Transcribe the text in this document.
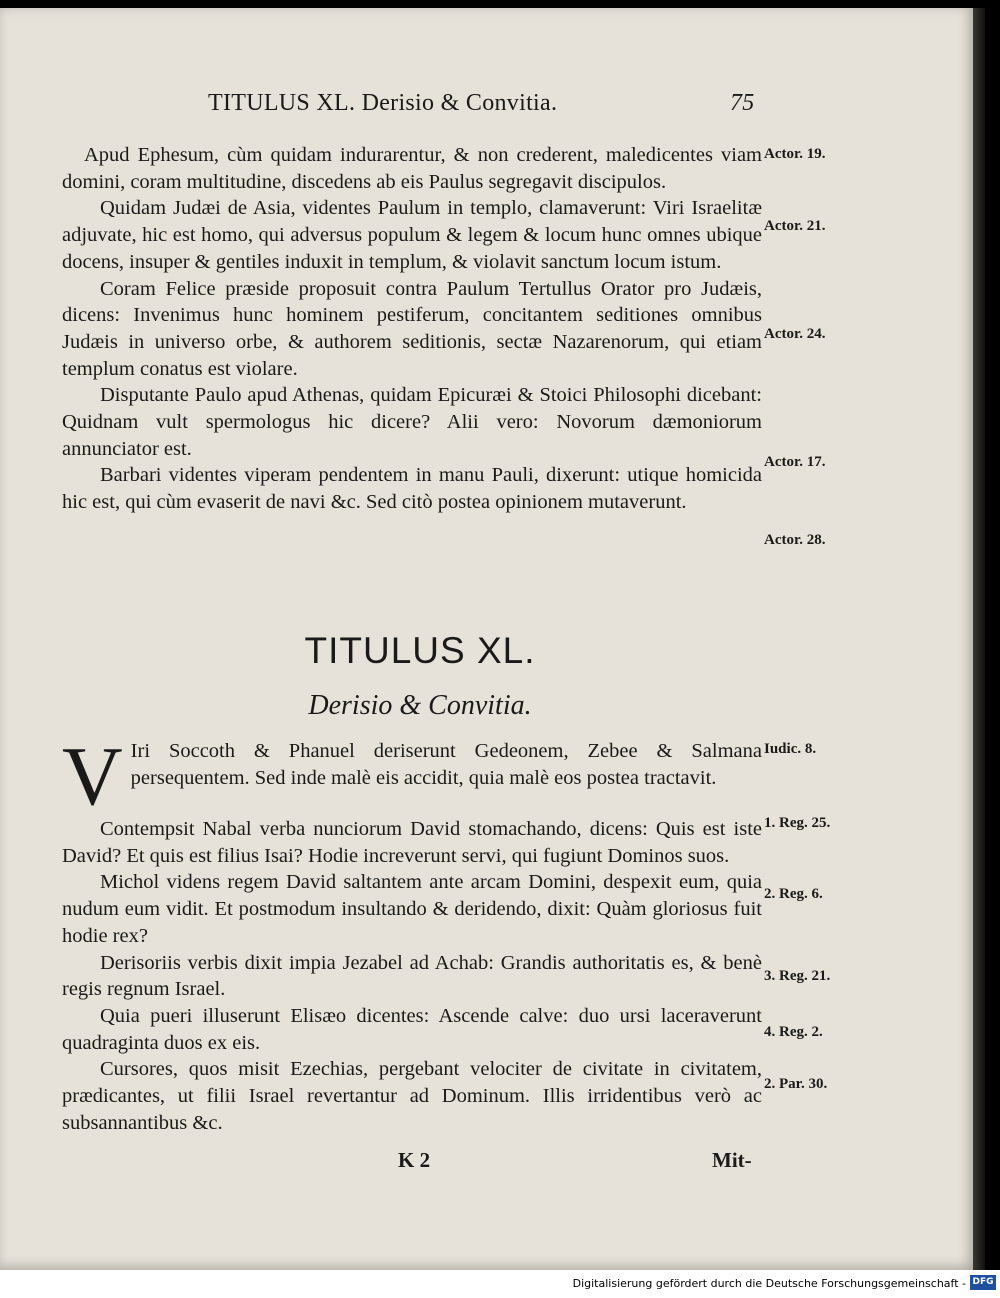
TITULUS XL. Derisio & Convitia.	75

Apud Ephesum, cùm quidam indurarentur, & non crederent, maledicentes viam domini, coram multitudine, discedens ab eis Paulus segregavit discipulos.

Quidam Judæi de Asia, videntes Paulum in templo, clamaverunt: Viri Israelitæ adjuvate, hic est homo, qui adversus populum & legem & locum hunc omnes ubique docens, insuper & gentiles induxit in templum, & violavit sanctum locum istum.

Coram Felice præside proposuit contra Paulum Tertullus Orator pro Judæis, dicens: Invenimus hunc hominem pestiferum, concitantem seditiones omnibus Judæis in universo orbe, & authorem seditionis, sectæ Nazarenorum, qui etiam templum conatus est violare.

Disputante Paulo apud Athenas, quidam Epicuræi & Stoici Philosophi dicebant: Quidnam vult spermologus hic dicere? Alii vero: Novorum dæmoniorum annunciator est.

Barbari videntes viperam pendentem in manu Pauli, dixerunt: utique homicida hic est, qui cùm evaserit de navi &c. Sed citò postea opinionem mutaverunt.

Actor. 19.
Actor. 21.
Actor. 24.
Actor. 17.
Actor. 28.
TITULUS XL.
Derisio & Convitia.
V Iri Soccoth & Phanuel deriserunt Gedeonem, Zebee & Salmana persequentem. Sed inde malè eis accidit, quia malè eos postea tractavit.

Contempsit Nabal verba nunciorum David stomachando, dicens: Quis est iste David? Et quis est filius Isai? Hodie increverunt servi, qui fugiunt Dominos suos.

Michol videns regem David saltantem ante arcam Domini, despexit eum, quia nudum eum vidit. Et postmodum insultando & deridendo, dixit: Quàm gloriosus fuit hodie rex?

Derisoriis verbis dixit impia Jezabel ad Achab: Grandis authoritatis es, & benè regis regnum Israel.

Quia pueri illuserunt Elisæo dicentes: Ascende calve: duo ursi laceraverunt quadraginta duos ex eis.

Cursores, quos misit Ezechias, pergebant velociter de civitate in civitatem, prædicantes, ut filii Israel revertantur ad Dominum. Illis irridentibus verò ac subsannantibus &c.

Iudic. 8.
1. Reg. 25.
2. Reg. 6.
3. Reg. 21.
4. Reg. 2.
2. Par. 30.
K 2	Mit-
Digitalisierung gefördert durch die Deutsche Forschungsgemeinschaft - DFG
